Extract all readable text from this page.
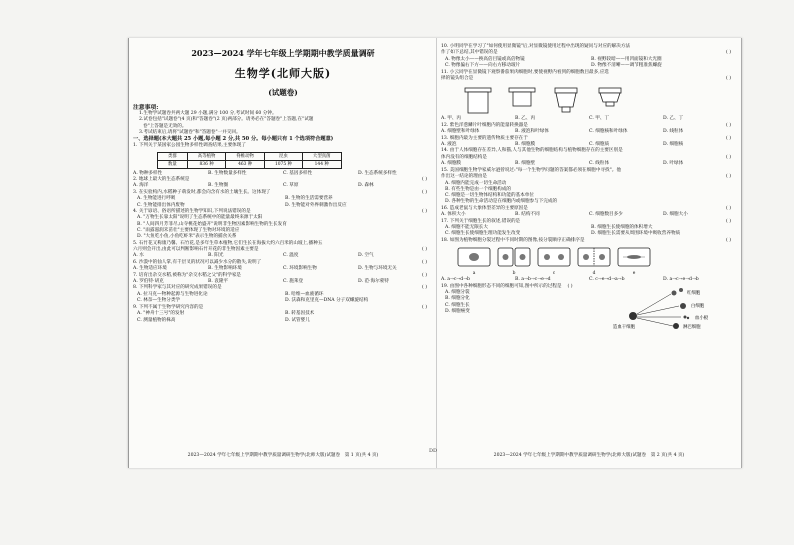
DD
2023—2024 学年七年级上学期期中教学质量调研
生物学(北师大版)
(试题卷)
注意事项:
1.生物学试题卷共两大题 29 小题,满分 100 分,考试时间 60 分钟。
2.试卷包括"试题卷"(4 页)和"答题卷"(2 页)两部分。请务必在"答题卷"上答题,在"试题
卷"上答题是无效的。
3.考试结束后,请将"试题卷"和"答题卷"一并交回。
一、选择题(本大题共 25 小题,每小题 2 分,共 50 分。每小题只有 1 个选项符合题意)
1. 下列关于某国家公园生物多样性调查结果,主要体现了
类群	高等植物	脊椎动物	昆虫	大型真菌
数量	836 种	463 种	1075 种	144 种
A. 物种多样性	B. 生物数量多样性	C. 基因多样性	D. 生态系统多样性
2. 地球上最大的生态系统是	( )
A. 海洋	B. 生物圈	C. 草原	D. 森林
3. 在实验构内,水稻种子萌发时,都会向含有水的土壤生长。这体现了	( )
A. 生物能进行呼吸	B. 生物的生活需要营养
C. 生物能排出体内废物	D. 生物能对外界刺激作出反应
4. 关于谚语、俗语所描述的生物学知识,下列说法错误的是	( )
A. "万物生长靠太阳"说明了生态系统中的能量最终来源于太阳
B. "人间四月芳菲尽,山寺桃花始盛开"说明非生物因素影响生物的生长发育
C. "雨露滋润禾苗壮"主要体现了生物对环境的适应
D. "大鱼吃小鱼,小鱼吃虾米"表示生物的捕食关系
5. 石竹花又称康乃馨、石竹花,是多年生草本植物,它们生长在海拔大约六百米的山坡上,播种五
六月则会开出,由此可以判断影响石竹开花的非生物因素主要是	( )
A. 水	B. 阳光	C. 温度	D. 空气
6. 沙漠中的仙人掌,有千层叉的状况可以减少水分的散失,说明了	( )
A. 生物适应环境	B. 生物影响环境	C. 环境影响生物	D. 生物与环境无关
7. 培育出杂交水稻,被称为"杂交水稻之父"的科学家是	( )
A. 罗伯特·胡克	B. 袁隆平	C. 施莱登	D. 范·海尔蒙特
8. 下列科学家与其对应的研究成果错误的是	( )
A. 拉马克—物种起源与生物进化论	B. 哈维—血液循环
C. 林奈—生物分类学	D. 沃森和克里克—DNA 分子双螺旋结构
9. 下列不属于生物学研究内容的是	( )
A. "神舟十三号"的发射	B. 转基因技术
C. 测量植物的株高	D. 试管婴儿
2023—2024 学年七年级上学期期中教学质量调研生物学(北师大版)试题卷　第 1 页(共 4 页)
10. 小明同学在学习了"如何使用显微镜"后,对显微镜使用过程中出现的疑问与对应的解决方法
作了如下总结,其中错误的是	( )
A. 物像太小——换高倍目镜或高倍物镜	B. 视野较暗——用凹面镜和大光圈
C. 物像偏右下方——向右方移动玻片	D. 物像不清晰——调节粗准焦螺旋
11. 小云同学在显微镜下观察番茄果肉细胞时,要使视野内看到的细胞数目最多,应选
择的镜头组合是	( )
A. 甲、丙	B. 乙、丙	C. 甲、丁	D. 乙、丁
12. 紫色洋葱鳞片叶细胞内的能量转换器是	( )
A. 细胞壁和叶绿体	B. 液泡和叶绿体	C. 细胞核和叶绿体	D. 线粒体
13. 细胞内最为主要的遗传物质主要存在于	( )
A. 液泡	B. 细胞膜	C. 细胞质	D. 细胞核
14. 由于人体细胞存在差异,人和猫,人与其他生物的细胞结构与植物细胞存在的主要区别是
体内没有的细胞结构是	( )
A. 细胞膜	B. 细胞壁	C. 线粒体	D. 叶绿体
15. 美国细胞生物学家威尔逊曾说过:"每一个生物学问题的答案都必须在细胞中寻找"。他
作出这一结论的理由是	( )
A. 细胞内能完成一切生命活动
B. 有些生物是由一个细胞构成的
C. 细胞是一切生物体结构和功能的基本单位
D. 各种生物的生命活动是在细胞内或细胞参与下完成的
16. 造成老鼠与大象体型差异的主要原因是	( )
A. 体积大小	B. 结构不同	C. 细胞数目多少	D. 细胞大小
17. 下列关于细胞生长的叙述,错误的是	( )
A. 细胞不能无限长大	B. 细胞生长使细胞的体积增大
C. 细胞生长使细胞生理功能发生改变	D. 细胞生长需要从周围环境中吸收营养物质
18. 如图为植物细胞分裂过程中不同时期的图像,按分裂顺序正确排序是	( )
a	b	c	d	e
A. a→c→d→b	B. a→b→c→e→d	C. c→e→d→a→b	D. a→c→e→d→b
19. 由图中各种细胞形态不同的细胞可知,图中所示的过程是 ( )
A. 细胞分裂
B. 细胞分化
C. 细胞生长
D. 细胞癌变
造血干细胞
红细胞
白细胞
血小板
淋巴细胞
2023—2024 学年七年级上学期期中教学质量调研生物学(北师大版)试题卷　第 2 页(共 4 页)
